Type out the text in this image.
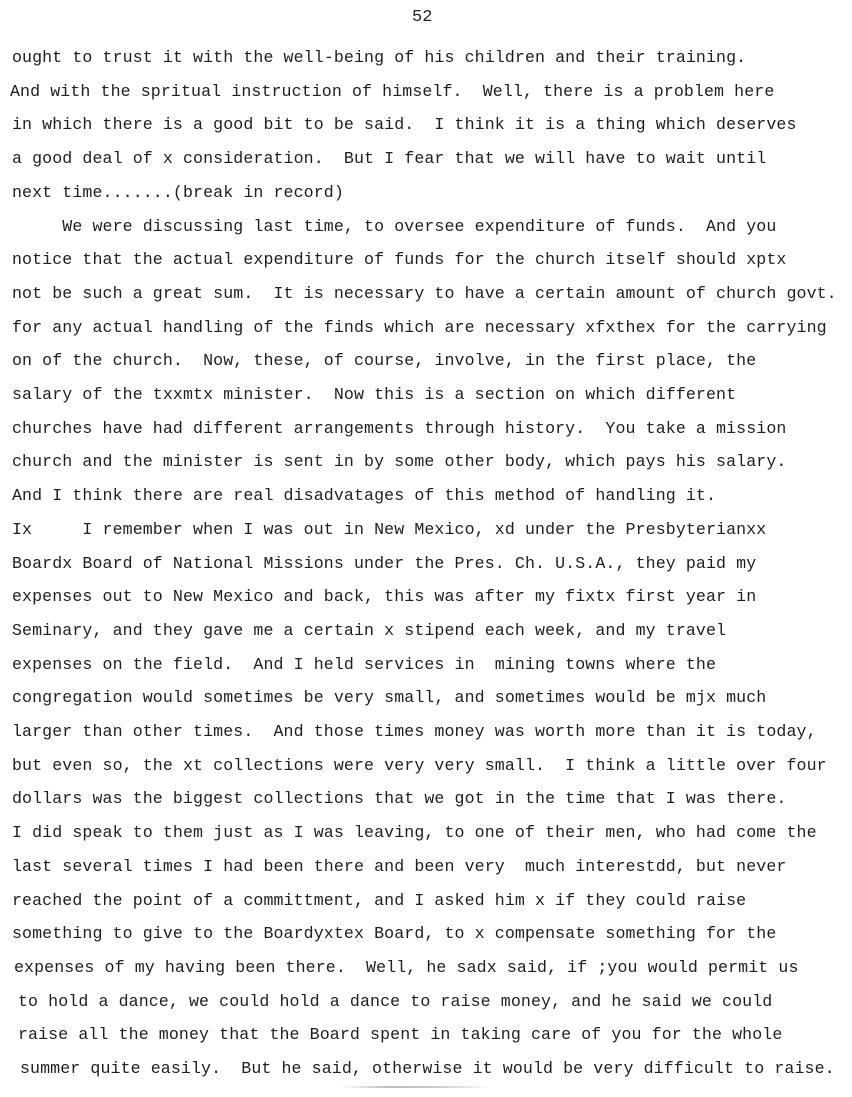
52
ought to trust it with the well-being of his children and their training.
And with the spritual instruction of himself.  Well, there is a problem here
in which there is a good bit to be said.  I think it is a thing which deserves
a good deal of x consideration.  But I fear that we will have to wait until
next time.......(break in record)
We were discussing last time, to oversee expenditure of funds.  And you
notice that the actual expenditure of funds for the church itself should xptx
not be such a great sum.  It is necessary to have a certain amount of church govt.
for any actual handling of the finds which are necessary xfxthex for the carrying
on of the church.  Now, these, of course, involve, in the first place, the
salary of the txxmtx minister.  Now this is a section on which different
churches have had different arrangements through history.  You take a mission
church and the minister is sent in by some other body, which pays his salary.
And I think there are real disadvatages of this method of handling it.
Ix     I remember when I was out in New Mexico, xd under the Presbyterianxx
Boardx Board of National Missions under the Pres. Ch. U.S.A., they paid my
expenses out to New Mexico and back, this was after my fixtx first year in
Seminary, and they gave me a certain x stipend each week, and my travel
expenses on the field.  And I held services in  mining towns where the
congregation would sometimes be very small, and sometimes would be mjx much
larger than other times.  And those times money was worth more than it is today,
but even so, the xt collections were very very small.  I think a little over four
dollars was the biggest collections that we got in the time that I was there.
I did speak to them just as I was leaving, to one of their men, who had come the
last several times I had been there and been very  much interestdd, but never
reached the point of a committment, and I asked him x if they could raise
something to give to the Boardyxtex Board, to x compensate something for the
expenses of my having been there.  Well, he sadx said, if ;you would permit us
to hold a dance, we could hold a dance to raise money, and he said we could
raise all the money that the Board spent in taking care of you for the whole
summer quite easily.  But he said, otherwise it would be very difficult to raise.
